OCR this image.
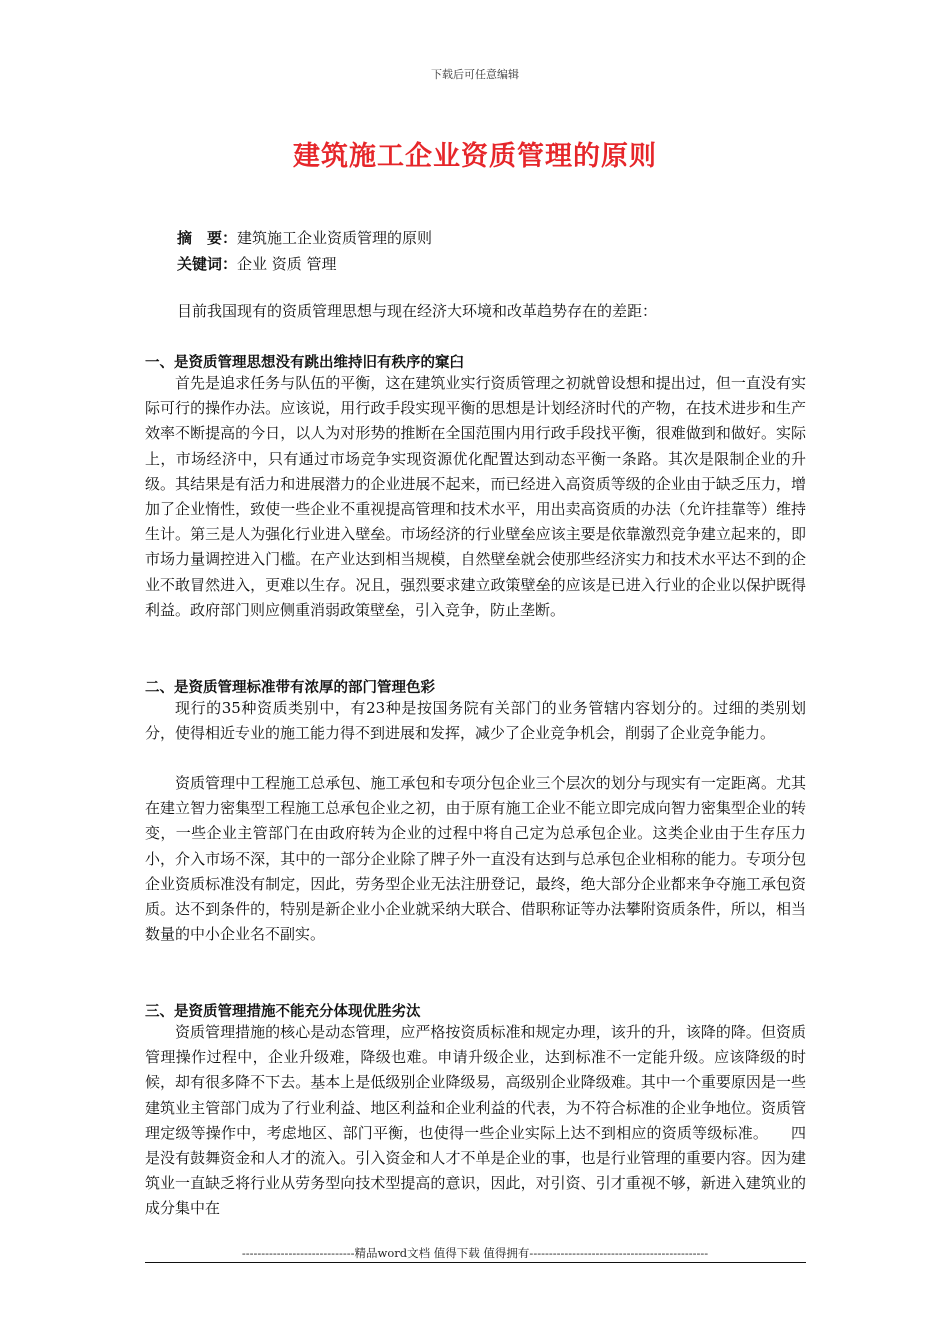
下载后可任意编辑
建筑施工企业资质管理的原则
摘　要：建筑施工企业资质管理的原则
关键词：企业 资质 管理
目前我国现有的资质管理思想与现在经济大环境和改革趋势存在的差距：
一、是资质管理思想没有跳出维持旧有秩序的窠臼
首先是追求任务与队伍的平衡，这在建筑业实行资质管理之初就曾设想和提出过，但一直没有实际可行的操作办法。应该说，用行政手段实现平衡的思想是计划经济时代的产物，在技术进步和生产效率不断提高的今日，以人为对形势的推断在全国范围内用行政手段找平衡，很难做到和做好。实际上，市场经济中，只有通过市场竞争实现资源优化配置达到动态平衡一条路。其次是限制企业的升级。其结果是有活力和进展潜力的企业进展不起来，而已经进入高资质等级的企业由于缺乏压力，增加了企业惰性，致使一些企业不重视提高管理和技术水平，用出卖高资质的办法（允许挂靠等）维持生计。第三是人为强化行业进入壁垒。市场经济的行业壁垒应该主要是依靠激烈竞争建立起来的，即市场力量调控进入门槛。在产业达到相当规模，自然壁垒就会使那些经济实力和技术水平达不到的企业不敢冒然进入，更难以生存。况且，强烈要求建立政策壁垒的应该是已进入行业的企业以保护既得利益。政府部门则应侧重消弱政策壁垒，引入竞争，防止垄断。
二、是资质管理标准带有浓厚的部门管理色彩
现行的35种资质类别中，有23种是按国务院有关部门的业务管辖内容划分的。过细的类别划分，使得相近专业的施工能力得不到进展和发挥，减少了企业竞争机会，削弱了企业竞争能力。
资质管理中工程施工总承包、施工承包和专项分包企业三个层次的划分与现实有一定距离。尤其在建立智力密集型工程施工总承包企业之初，由于原有施工企业不能立即完成向智力密集型企业的转变，一些企业主管部门在由政府转为企业的过程中将自己定为总承包企业。这类企业由于生存压力小，介入市场不深，其中的一部分企业除了牌子外一直没有达到与总承包企业相称的能力。专项分包企业资质标准没有制定，因此，劳务型企业无法注册登记，最终，绝大部分企业都来争夺施工承包资质。达不到条件的，特别是新企业小企业就采纳大联合、借职称证等办法攀附资质条件，所以，相当数量的中小企业名不副实。
三、是资质管理措施不能充分体现优胜劣汰
资质管理措施的核心是动态管理，应严格按资质标准和规定办理，该升的升，该降的降。但资质管理操作过程中，企业升级难，降级也难。申请升级企业，达到标准不一定能升级。应该降级的时候，却有很多降不下去。基本上是低级别企业降级易，高级别企业降级难。其中一个重要原因是一些建筑业主管部门成为了行业利益、地区利益和企业利益的代表，为不符合标准的企业争地位。资质管理定级等操作中，考虑地区、部门平衡，也使得一些企业实际上达不到相应的资质等级标准。　　四是没有鼓舞资金和人才的流入。引入资金和人才不单是企业的事，也是行业管理的重要内容。因为建筑业一直缺乏将行业从劳务型向技术型提高的意识，因此，对引资、引才重视不够，新进入建筑业的成分集中在
-----------------------------精品word文档 值得下载 值得拥有----------------------------------------------
